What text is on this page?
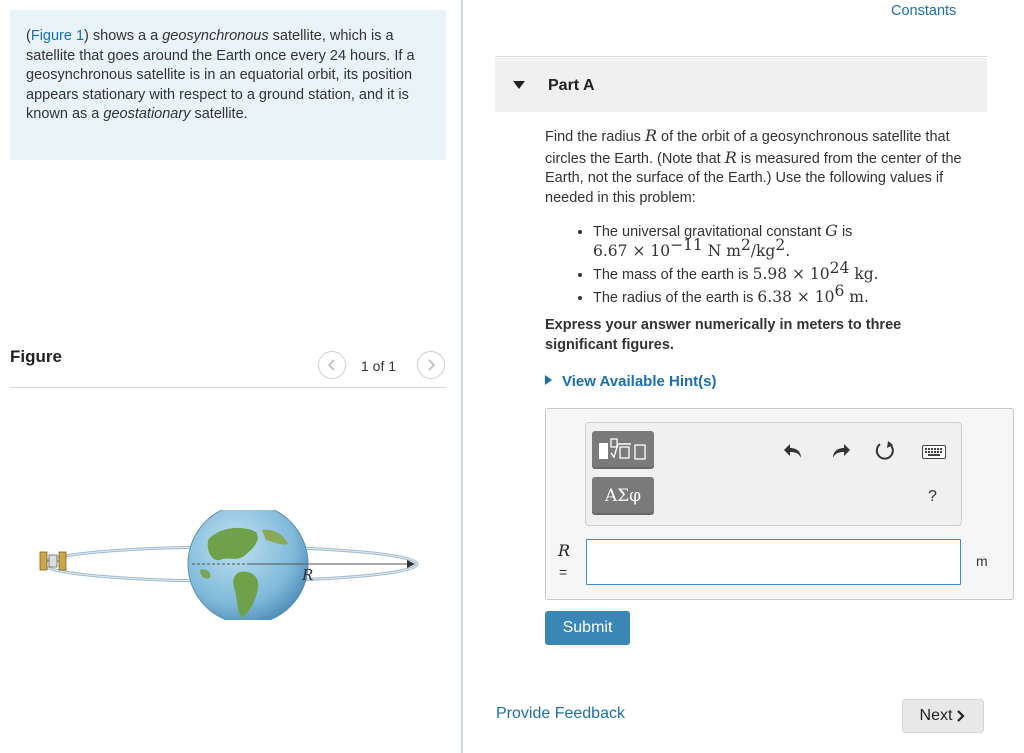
(Figure 1) shows a a geosynchronous satellite, which is a satellite that goes around the Earth once every 24 hours. If a geosynchronous satellite is in an equatorial orbit, its position appears stationary with respect to a ground station, and it is known as a geostationary satellite.
Figure	1 of 1
R
Constants
Part A
Find the radius R of the orbit of a geosynchronous satellite that circles the Earth. (Note that R is measured from the center of the Earth, not the surface of the Earth.) Use the following values if needed in this problem:
• The universal gravitational constant G is
$6.67 \times 10^{-11}$ N $m^2/kg^2$.
• The mass of the earth is $5.98 \times 10^{24}$ kg.
• The radius of the earth is $6.38 \times 10^6$ m.
Express your answer numerically in meters to three significant figures.
View Available Hint(s)
ΑΣφ	?
R
=
m
Submit
Provide Feedback	Next
